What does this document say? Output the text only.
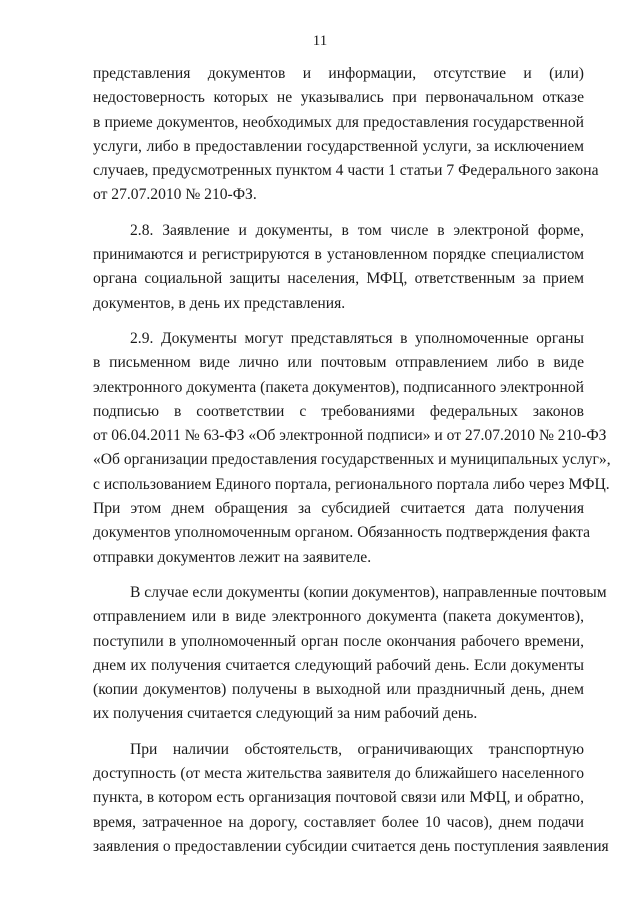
11
представления документов и информации, отсутствие и (или)
недостоверность которых не указывались при первоначальном отказе
в приеме документов, необходимых для предоставления государственной
услуги, либо в предоставлении государственной услуги, за исключением
случаев, предусмотренных пунктом 4 части 1 статьи 7 Федерального закона
от 27.07.2010 № 210-ФЗ.
2.8. Заявление и документы, в том числе в электроной форме,
принимаются и регистрируются в установленном порядке специалистом
органа социальной защиты населения, МФЦ, ответственным за прием
документов, в день их представления.
2.9. Документы могут представляться в уполномоченные органы
в письменном виде лично или почтовым отправлением либо в виде
электронного документа (пакета документов), подписанного электронной
подписью в соответствии с требованиями федеральных законов
от 06.04.2011 № 63-ФЗ «Об электронной подписи» и от 27.07.2010 № 210-ФЗ
«Об организации предоставления государственных и муниципальных услуг»,
с использованием Единого портала, регионального портала либо через МФЦ.
При этом днем обращения за субсидией считается дата получения
документов уполномоченным органом. Обязанность подтверждения факта
отправки документов лежит на заявителе.
В случае если документы (копии документов), направленные почтовым
отправлением или в виде электронного документа (пакета документов),
поступили в уполномоченный орган после окончания рабочего времени,
днем их получения считается следующий рабочий день. Если документы
(копии документов) получены в выходной или праздничный день, днем
их получения считается следующий за ним рабочий день.
При наличии обстоятельств, ограничивающих транспортную
доступность (от места жительства заявителя до ближайшего населенного
пункта, в котором есть организация почтовой связи или МФЦ, и обратно,
время, затраченное на дорогу, составляет более 10 часов), днем подачи
заявления о предоставлении субсидии считается день поступления заявления
